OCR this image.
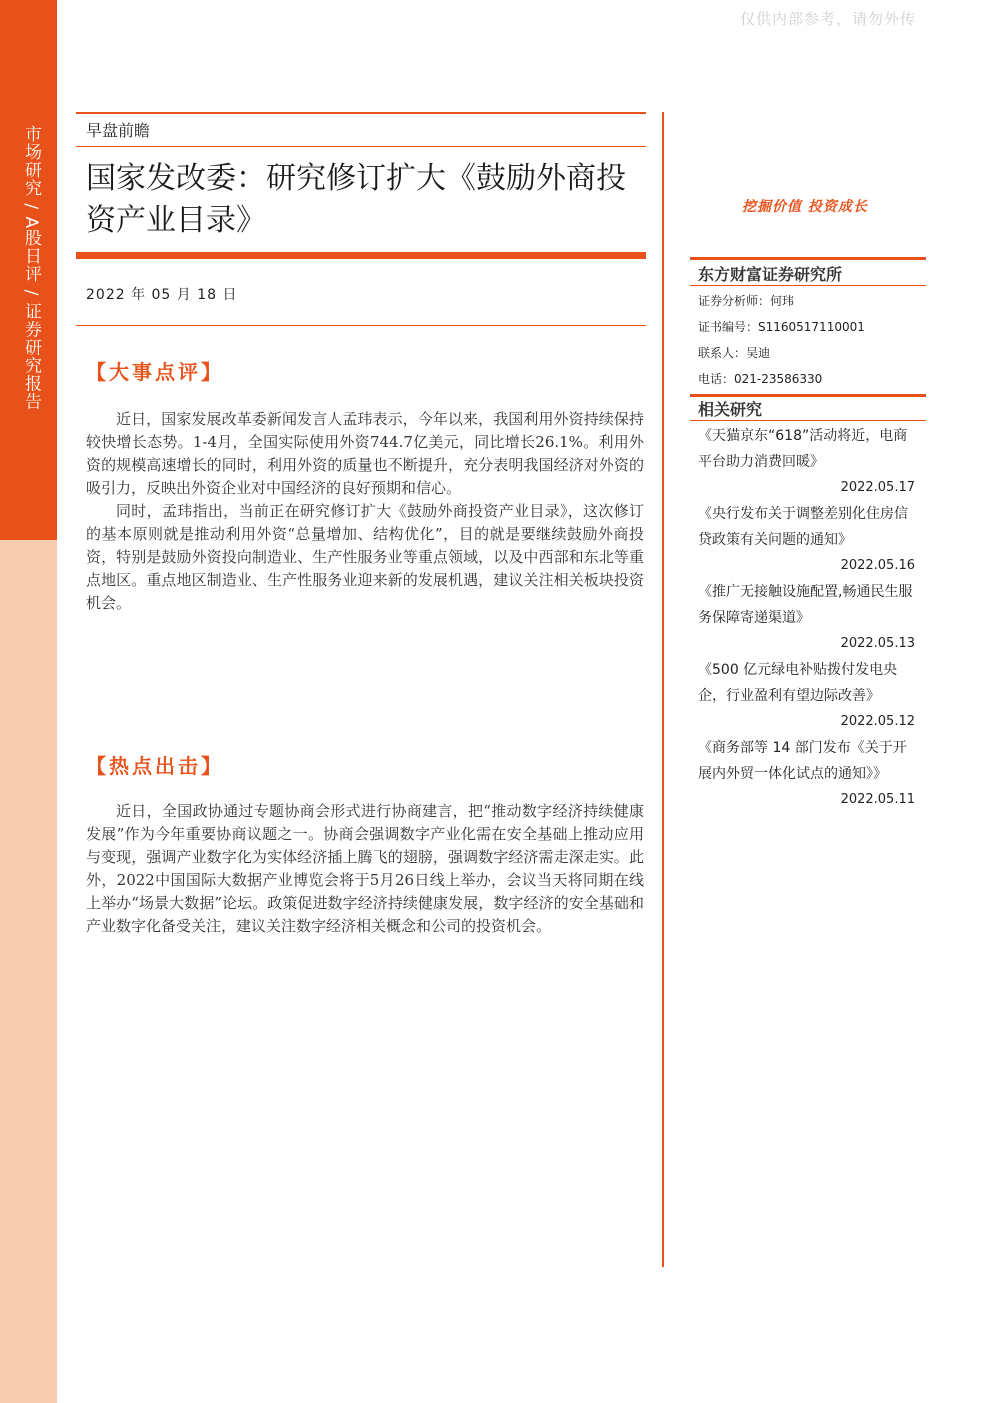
市场研究 / A股日评 / 证券研究报告
仅供内部参考，请勿外传
早盘前瞻
国家发改委：研究修订扩大《鼓励外商投资产业目录》
2022 年 05 月 18 日
【大事点评】

近日，国家发展改革委新闻发言人孟玮表示，今年以来，我国利用外资持续保持较快增长态势。1-4月，全国实际使用外资744.7亿美元，同比增长26.1%。利用外资的规模高速增长的同时，利用外资的质量也不断提升，充分表明我国经济对外资的吸引力，反映出外资企业对中国经济的良好预期和信心。

同时，孟玮指出，当前正在研究修订扩大《鼓励外商投资产业目录》，这次修订的基本原则就是推动利用外资“总量增加、结构优化”，目的就是要继续鼓励外商投资，特别是鼓励外资投向制造业、生产性服务业等重点领域，以及中西部和东北等重点地区。重点地区制造业、生产性服务业迎来新的发展机遇，建议关注相关板块投资机会。

【热点出击】

近日，全国政协通过专题协商会形式进行协商建言，把“推动数字经济持续健康发展”作为今年重要协商议题之一。协商会强调数字产业化需在安全基础上推动应用与变现，强调产业数字化为实体经济插上腾飞的翅膀，强调数字经济需走深走实。此外，2022中国国际大数据产业博览会将于5月26日线上举办，会议当天将同期在线上举办“场景大数据”论坛。政策促进数字经济持续健康发展，数字经济的安全基础和产业数字化备受关注，建议关注数字经济相关概念和公司的投资机会。

挖掘价值 投资成长
东方财富证券研究所
证券分析师：何玮
证书编号：S1160517110001
联系人：吴迪
电话：021-23586330
相关研究
《天猫京东“618”活动将近，电商平台助力消费回暖》
2022.05.17
《央行发布关于调整差别化住房信贷政策有关问题的通知》
2022.05.16
《推广无接触设施配置,畅通民生服务保障寄递渠道》
2022.05.13
《500 亿元绿电补贴拨付发电央企，行业盈利有望边际改善》
2022.05.12
《商务部等 14 部门发布《关于开展内外贸一体化试点的通知》》
2022.05.11
